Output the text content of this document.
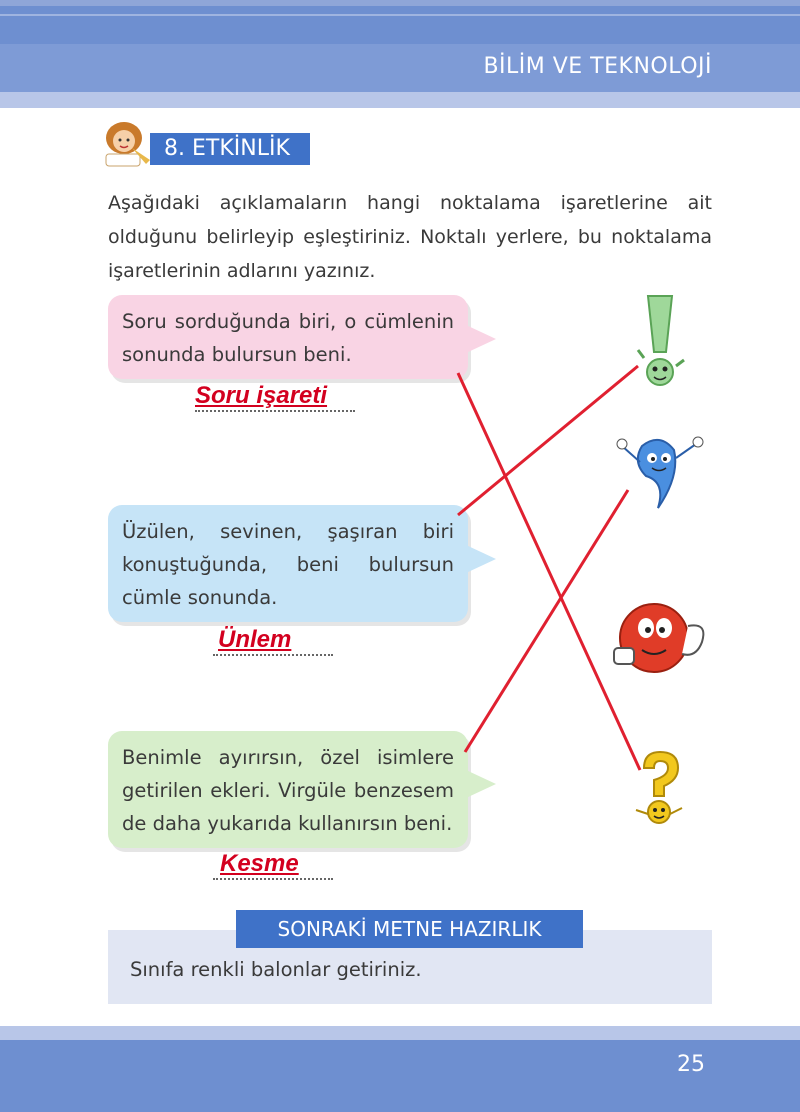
BİLİM VE TEKNOLOJİ
8. ETKİNLİK
Aşağıdaki açıklamaların hangi noktalama işaretlerine ait olduğunu belirleyip eşleştiriniz. Noktalı yerlere, bu noktalama işaretlerinin adlarını yazınız.
Soru sorduğunda biri, o cümlenin sonunda bulursun beni.
Soru işareti
Üzülen, sevinen, şaşıran biri konuştuğunda, beni bulursun cümle sonunda.
Ünlem
Benimle ayırırsın, özel isimlere getirilen ekleri. Virgüle benzesem de daha yukarıda kullanırsın beni.
Kesme
SONRAKİ METNE HAZIRLIK
Sınıfa renkli balonlar getiriniz.
25
